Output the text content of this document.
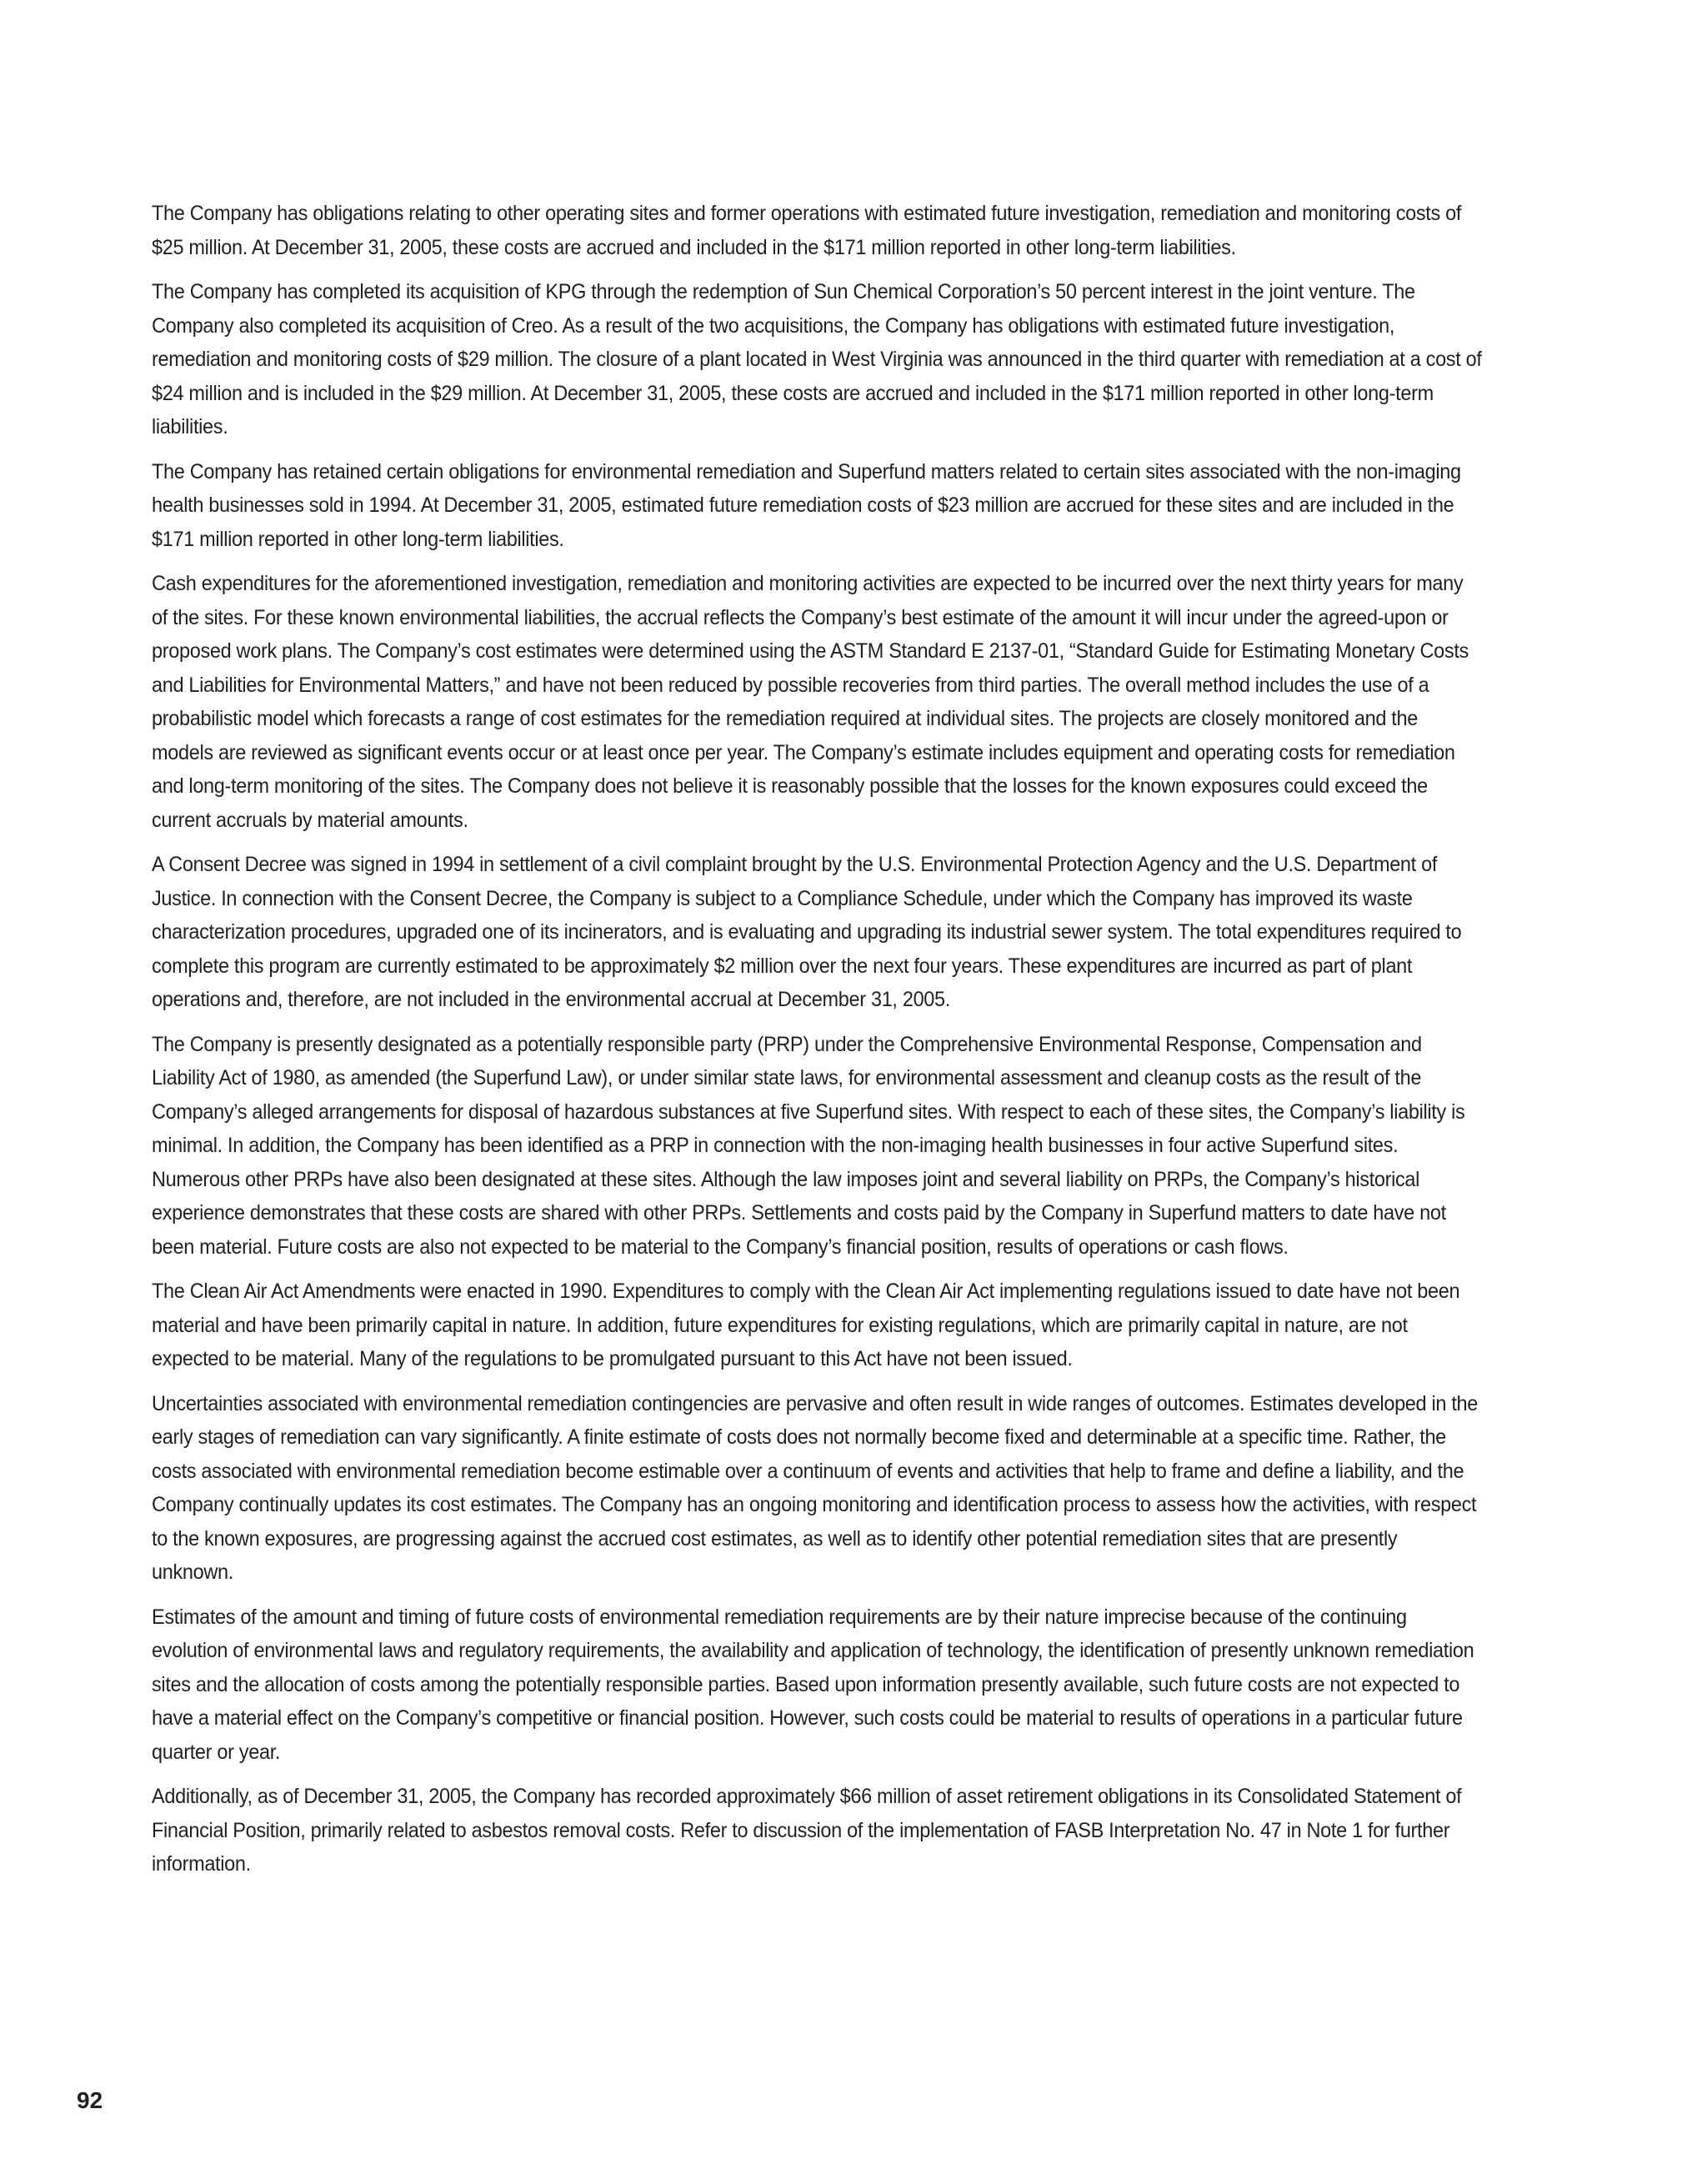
The Company has obligations relating to other operating sites and former operations with estimated future investigation, remediation and monitoring costs of $25 million. At December 31, 2005, these costs are accrued and included in the $171 million reported in other long-term liabilities.

The Company has completed its acquisition of KPG through the redemption of Sun Chemical Corporation’s 50 percent interest in the joint venture. The Company also completed its acquisition of Creo. As a result of the two acquisitions, the Company has obligations with estimated future investigation, remediation and monitoring costs of $29 million. The closure of a plant located in West Virginia was announced in the third quarter with remediation at a cost of $24 million and is included in the $29 million. At December 31, 2005, these costs are accrued and included in the $171 million reported in other long-term liabilities.

The Company has retained certain obligations for environmental remediation and Superfund matters related to certain sites associated with the non-imaging health businesses sold in 1994. At December 31, 2005, estimated future remediation costs of $23 million are accrued for these sites and are included in the $171 million reported in other long-term liabilities.

Cash expenditures for the aforementioned investigation, remediation and monitoring activities are expected to be incurred over the next thirty years for many of the sites. For these known environmental liabilities, the accrual reflects the Company’s best estimate of the amount it will incur under the agreed-upon or proposed work plans. The Company’s cost estimates were determined using the ASTM Standard E 2137-01, “Standard Guide for Estimating Monetary Costs and Liabilities for Environmental Matters,” and have not been reduced by possible recoveries from third parties. The overall method includes the use of a probabilistic model which forecasts a range of cost estimates for the remediation required at individual sites. The projects are closely monitored and the models are reviewed as significant events occur or at least once per year. The Company’s estimate includes equipment and operating costs for remediation and long-term monitoring of the sites. The Company does not believe it is reasonably possible that the losses for the known exposures could exceed the current accruals by material amounts.

A Consent Decree was signed in 1994 in settlement of a civil complaint brought by the U.S. Environmental Protection Agency and the U.S. Department of Justice. In connection with the Consent Decree, the Company is subject to a Compliance Schedule, under which the Company has improved its waste characterization procedures, upgraded one of its incinerators, and is evaluating and upgrading its industrial sewer system. The total expenditures required to complete this program are currently estimated to be approximately $2 million over the next four years. These expenditures are incurred as part of plant operations and, therefore, are not included in the environmental accrual at December 31, 2005.

The Company is presently designated as a potentially responsible party (PRP) under the Comprehensive Environmental Response, Compensation and Liability Act of 1980, as amended (the Superfund Law), or under similar state laws, for environmental assessment and cleanup costs as the result of the Company’s alleged arrangements for disposal of hazardous substances at five Superfund sites. With respect to each of these sites, the Company’s liability is minimal. In addition, the Company has been identified as a PRP in connection with the non-imaging health businesses in four active Superfund sites. Numerous other PRPs have also been designated at these sites. Although the law imposes joint and several liability on PRPs, the Company’s historical experience demonstrates that these costs are shared with other PRPs. Settlements and costs paid by the Company in Superfund matters to date have not been material. Future costs are also not expected to be material to the Company’s financial position, results of operations or cash flows.

The Clean Air Act Amendments were enacted in 1990. Expenditures to comply with the Clean Air Act implementing regulations issued to date have not been material and have been primarily capital in nature. In addition, future expenditures for existing regulations, which are primarily capital in nature, are not expected to be material. Many of the regulations to be promulgated pursuant to this Act have not been issued.

Uncertainties associated with environmental remediation contingencies are pervasive and often result in wide ranges of outcomes. Estimates developed in the early stages of remediation can vary significantly. A finite estimate of costs does not normally become fixed and determinable at a specific time. Rather, the costs associated with environmental remediation become estimable over a continuum of events and activities that help to frame and define a liability, and the Company continually updates its cost estimates. The Company has an ongoing monitoring and identification process to assess how the activities, with respect to the known exposures, are progressing against the accrued cost estimates, as well as to identify other potential remediation sites that are presently unknown.

Estimates of the amount and timing of future costs of environmental remediation requirements are by their nature imprecise because of the continuing evolution of environmental laws and regulatory requirements, the availability and application of technology, the identification of presently unknown remediation sites and the allocation of costs among the potentially responsible parties. Based upon information presently available, such future costs are not expected to have a material effect on the Company’s competitive or financial position. However, such costs could be material to results of operations in a particular future quarter or year.

Additionally, as of December 31, 2005, the Company has recorded approximately $66 million of asset retirement obligations in its Consolidated Statement of Financial Position, primarily related to asbestos removal costs. Refer to discussion of the implementation of FASB Interpretation No. 47 in Note 1 for further information.

92
